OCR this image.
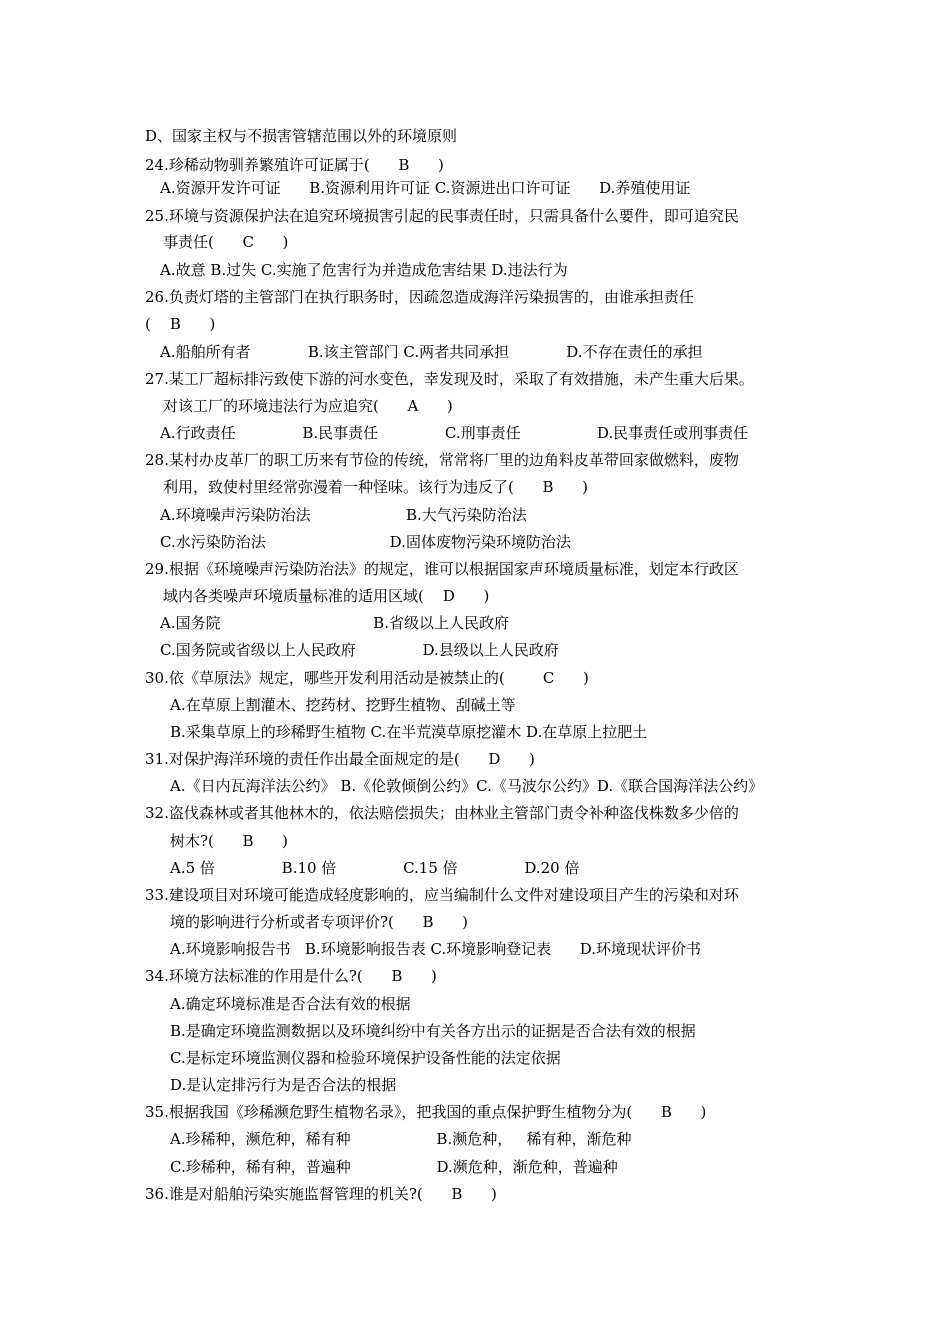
D、国家主权与不损害管辖范围以外的环境原则
24.珍稀动物驯养繁殖许可证属于(      B      )
A.资源开发许可证      B.资源利用许可证 C.资源进出口许可证      D.养殖使用证
25.环境与资源保护法在追究环境损害引起的民事责任时，只需具备什么要件，即可追究民
事责任(      C      )
A.故意 B.过失 C.实施了危害行为并造成危害结果 D.违法行为
26.负责灯塔的主管部门在执行职务时，因疏忽造成海洋污染损害的，由谁承担责任
(    B      )
A.船舶所有者            B.该主管部门 C.两者共同承担            D.不存在责任的承担
27.某工厂超标排污致使下游的河水变色，幸发现及时，采取了有效措施，未产生重大后果。
对该工厂的环境违法行为应追究(      A      )
A.行政责任              B.民事责任              C.刑事责任                D.民事责任或刑事责任
28.某村办皮革厂的职工历来有节俭的传统，常常将厂里的边角料皮革带回家做燃料，废物
利用，致使村里经常弥漫着一种怪味。该行为违反了(      B      )
A.环境噪声污染防治法                    B.大气污染防治法
C.水污染防治法                          D.固体废物污染环境防治法
29.根据《环境噪声污染防治法》的规定，谁可以根据国家声环境质量标准，划定本行政区
域内各类噪声环境质量标准的适用区域(    D      )
A.国务院                                B.省级以上人民政府
C.国务院或省级以上人民政府              D.县级以上人民政府
30.依《草原法》规定，哪些开发利用活动是被禁止的(        C      )
A.在草原上割灌木、挖药材、挖野生植物、刮碱土等
B.采集草原上的珍稀野生植物 C.在半荒漠草原挖灌木 D.在草原上拉肥土
31.对保护海洋环境的责任作出最全面规定的是(      D      )
A.《日内瓦海洋法公约》 B.《伦敦倾倒公约》C.《马波尔公约》D.《联合国海洋法公约》
32.盗伐森林或者其他林木的，依法赔偿损失；由林业主管部门责令补种盗伐株数多少倍的
树木?(      B      )
A.5 倍              B.10 倍              C.15 倍              D.20 倍
33.建设项目对环境可能造成轻度影响的，应当编制什么文件对建设项目产生的污染和对环
境的影响进行分析或者专项评价?(      B      )
A.环境影响报告书   B.环境影响报告表 C.环境影响登记表      D.环境现状评价书
34.环境方法标准的作用是什么?(      B      )
A.确定环境标准是否合法有效的根据
B.是确定环境监测数据以及环境纠纷中有关各方出示的证据是否合法有效的根据
C.是标定环境监测仪器和检验环境保护设备性能的法定依据
D.是认定排污行为是否合法的根据
35.根据我国《珍稀濒危野生植物名录》，把我国的重点保护野生植物分为(      B      )
A.珍稀种，濒危种，稀有种                  B.濒危种，   稀有种，渐危种
C.珍稀种，稀有种，普遍种                  D.濒危种，渐危种，普遍种
36.谁是对船舶污染实施监督管理的机关?(      B      )
